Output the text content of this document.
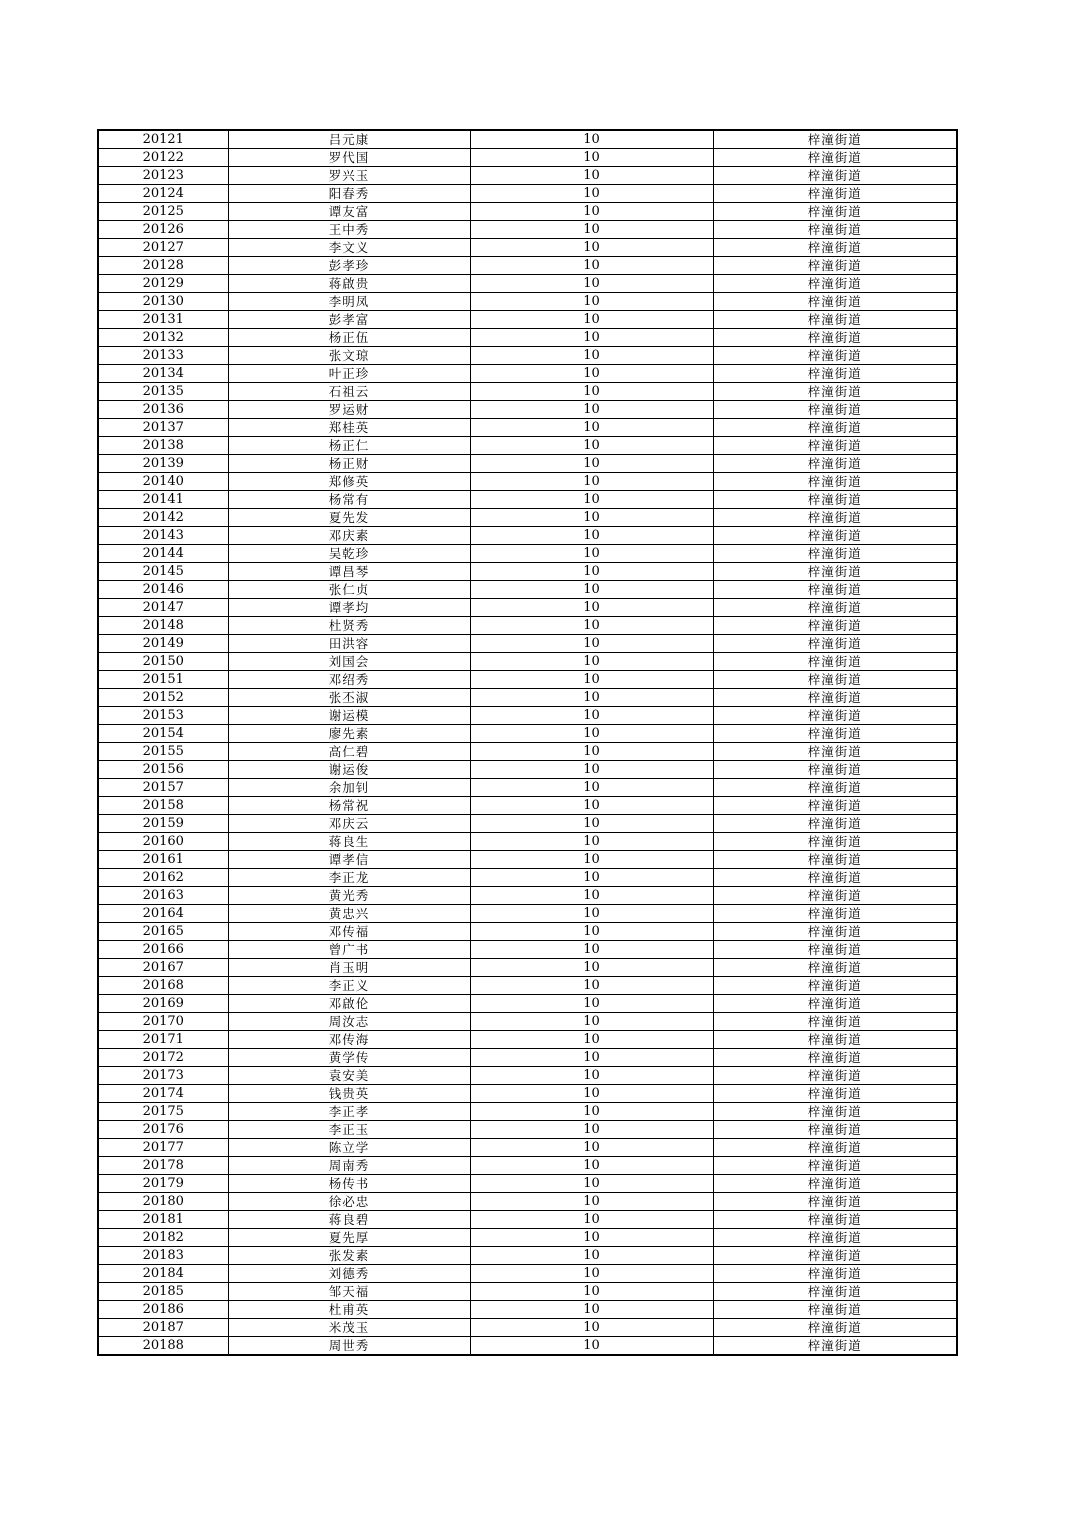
20121	吕元康	10	梓潼街道
20122	罗代国	10	梓潼街道
20123	罗兴玉	10	梓潼街道
20124	阳春秀	10	梓潼街道
20125	谭友富	10	梓潼街道
20126	王中秀	10	梓潼街道
20127	李文义	10	梓潼街道
20128	彭孝珍	10	梓潼街道
20129	蒋啟贵	10	梓潼街道
20130	李明凤	10	梓潼街道
20131	彭孝富	10	梓潼街道
20132	杨正伍	10	梓潼街道
20133	张文琼	10	梓潼街道
20134	叶正珍	10	梓潼街道
20135	石祖云	10	梓潼街道
20136	罗运财	10	梓潼街道
20137	郑桂英	10	梓潼街道
20138	杨正仁	10	梓潼街道
20139	杨正财	10	梓潼街道
20140	郑修英	10	梓潼街道
20141	杨常有	10	梓潼街道
20142	夏先发	10	梓潼街道
20143	邓庆素	10	梓潼街道
20144	吴乾珍	10	梓潼街道
20145	谭昌琴	10	梓潼街道
20146	张仁贞	10	梓潼街道
20147	谭孝均	10	梓潼街道
20148	杜贤秀	10	梓潼街道
20149	田洪容	10	梓潼街道
20150	刘国会	10	梓潼街道
20151	邓绍秀	10	梓潼街道
20152	张丕淑	10	梓潼街道
20153	谢运模	10	梓潼街道
20154	廖先素	10	梓潼街道
20155	高仁碧	10	梓潼街道
20156	谢运俊	10	梓潼街道
20157	余加钊	10	梓潼街道
20158	杨常祝	10	梓潼街道
20159	邓庆云	10	梓潼街道
20160	蒋良生	10	梓潼街道
20161	谭孝信	10	梓潼街道
20162	李正龙	10	梓潼街道
20163	黄光秀	10	梓潼街道
20164	黄忠兴	10	梓潼街道
20165	邓传福	10	梓潼街道
20166	曾广书	10	梓潼街道
20167	肖玉明	10	梓潼街道
20168	李正义	10	梓潼街道
20169	邓啟伦	10	梓潼街道
20170	周汝志	10	梓潼街道
20171	邓传海	10	梓潼街道
20172	黄学传	10	梓潼街道
20173	袁安美	10	梓潼街道
20174	钱贵英	10	梓潼街道
20175	李正孝	10	梓潼街道
20176	李正玉	10	梓潼街道
20177	陈立学	10	梓潼街道
20178	周南秀	10	梓潼街道
20179	杨传书	10	梓潼街道
20180	徐必忠	10	梓潼街道
20181	蒋良碧	10	梓潼街道
20182	夏先厚	10	梓潼街道
20183	张发素	10	梓潼街道
20184	刘德秀	10	梓潼街道
20185	邹天福	10	梓潼街道
20186	杜甫英	10	梓潼街道
20187	米茂玉	10	梓潼街道
20188	周世秀	10	梓潼街道
